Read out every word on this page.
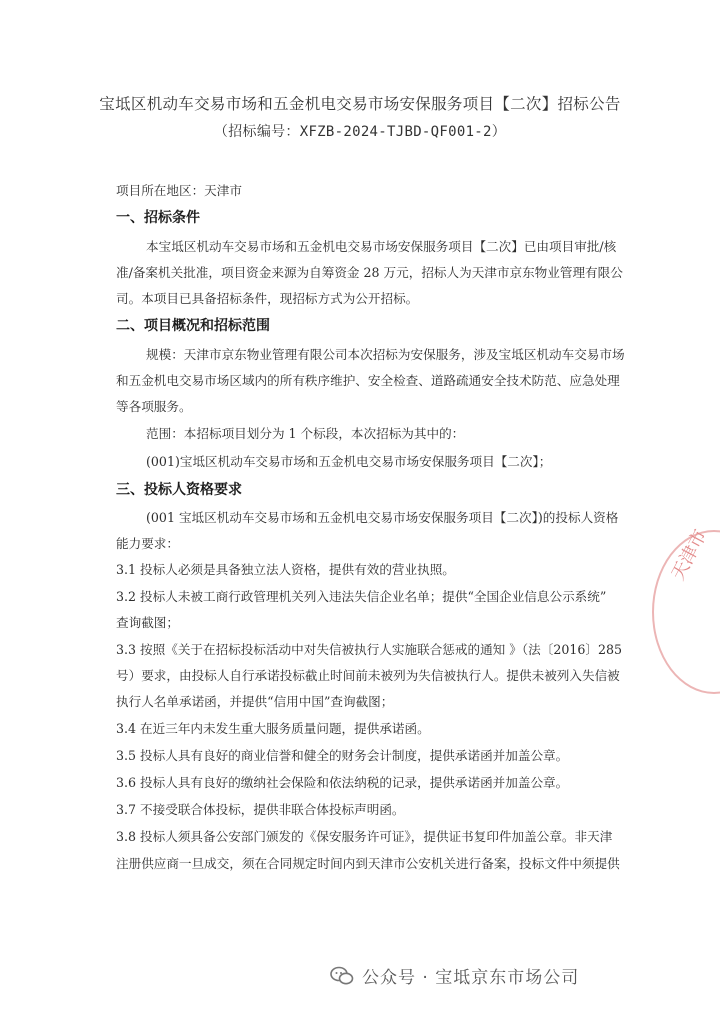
宝坻区机动车交易市场和五金机电交易市场安保服务项目【二次】招标公告
（招标编号：XFZB-2024-TJBD-QF001-2）
项目所在地区：天津市
一、招标条件
本宝坻区机动车交易市场和五金机电交易市场安保服务项目【二次】已由项目审批/核
准/备案机关批准，项目资金来源为自筹资金 28 万元，招标人为天津市京东物业管理有限公
司。本项目已具备招标条件，现招标方式为公开招标。
二、项目概况和招标范围
规模：天津市京东物业管理有限公司本次招标为安保服务，涉及宝坻区机动车交易市场
和五金机电交易市场区域内的所有秩序维护、安全检查、道路疏通安全技术防范、应急处理
等各项服务。
范围：本招标项目划分为 1 个标段，本次招标为其中的：
(001)宝坻区机动车交易市场和五金机电交易市场安保服务项目【二次】；
三、投标人资格要求
(001 宝坻区机动车交易市场和五金机电交易市场安保服务项目【二次】)的投标人资格
能力要求：
3.1 投标人必须是具备独立法人资格，提供有效的营业执照。
3.2 投标人未被工商行政管理机关列入违法失信企业名单；提供“全国企业信息公示系统”
查询截图；
3.3 按照《关于在招标投标活动中对失信被执行人实施联合惩戒的通知 》（法〔2016〕285
号）要求，由投标人自行承诺投标截止时间前未被列为失信被执行人。提供未被列入失信被
执行人名单承诺函，并提供“信用中国”查询截图；
3.4 在近三年内未发生重大服务质量问题，提供承诺函。
3.5 投标人具有良好的商业信誉和健全的财务会计制度，提供承诺函并加盖公章。
3.6 投标人具有良好的缴纳社会保险和依法纳税的记录，提供承诺函并加盖公章。
3.7 不接受联合体投标，提供非联合体投标声明函。
3.8 投标人须具备公安部门颁发的《保安服务许可证》，提供证书复印件加盖公章。非天津
注册供应商一旦成交，须在合同规定时间内到天津市公安机关进行备案，投标文件中须提供
天津市
公众号 · 宝坻京东市场公司
